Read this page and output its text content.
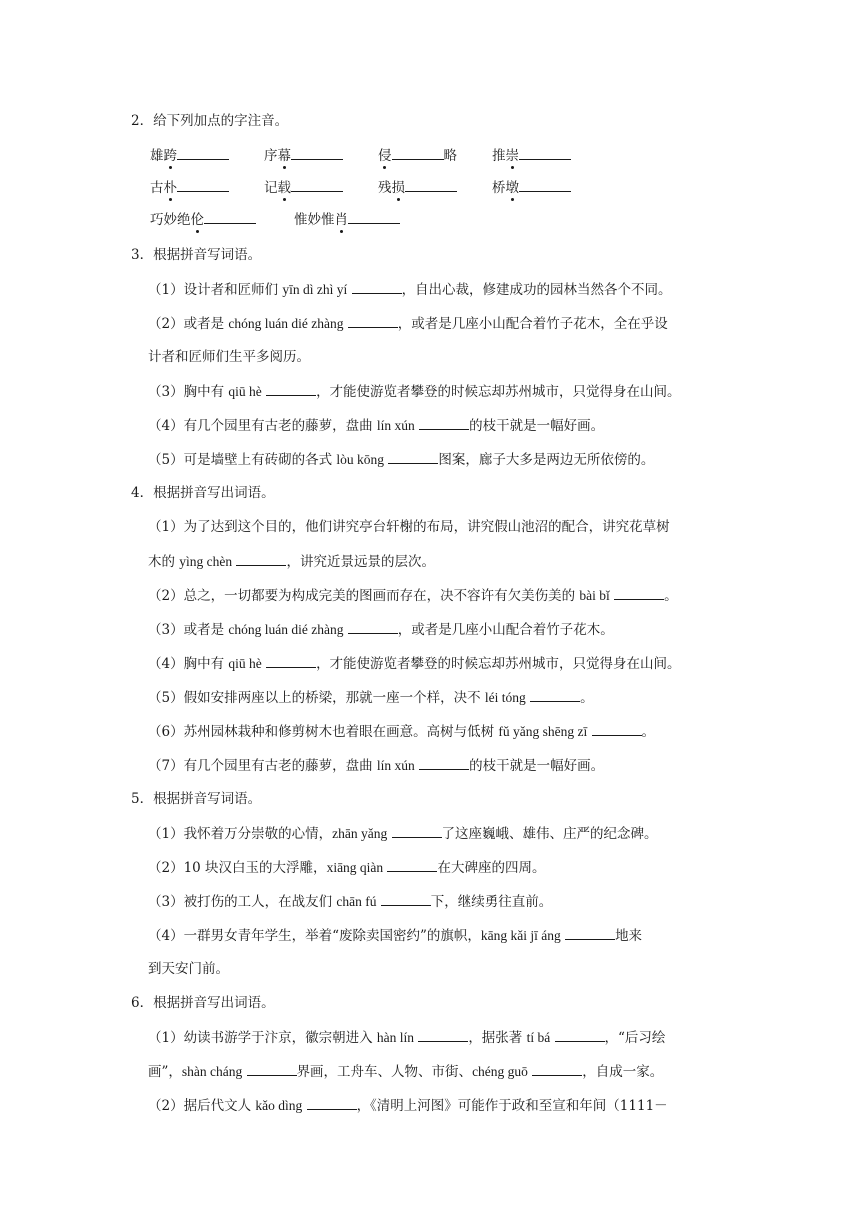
2．给下列加点的字注音。
雄跨	序幕	侵	略	推崇
古朴	记载	残损	桥墩
巧妙绝伦	惟妙惟肖
3．根据拼音写词语。
（1）设计者和匠师们 yīn dì zhì yí	，自出心裁，修建成功的园林当然各个不同。
（2）或者是 chóng luán dié zhàng	，或者是几座小山配合着竹子花木，全在乎设
计者和匠师们生平多阅历。
（3）胸中有 qiū hè	，才能使游览者攀登的时候忘却苏州城市，只觉得身在山间。
（4）有几个园里有古老的藤萝，盘曲 lín xún	的枝干就是一幅好画。
（5）可是墙壁上有砖砌的各式 lòu kōng	图案，廊子大多是两边无所依傍的。
4．根据拼音写出词语。
（1）为了达到这个目的，他们讲究亭台轩榭的布局，讲究假山池沼的配合，讲究花草树
木的 yìng chèn	，讲究近景远景的层次。
（2）总之，一切都要为构成完美的图画而存在，决不容许有欠美伤美的 bài bǐ	。
（3）或者是 chóng luán dié zhàng	，或者是几座小山配合着竹子花木。
（4）胸中有 qiū hè	，才能使游览者攀登的时候忘却苏州城市，只觉得身在山间。
（5）假如安排两座以上的桥梁，那就一座一个样，决不 léi tóng	。
（6）苏州园林栽种和修剪树木也着眼在画意。高树与低树 fǔ yǎng shēng zī	。
（7）有几个园里有古老的藤萝，盘曲 lín xún	的枝干就是一幅好画。
5．根据拼音写词语。
（1）我怀着万分崇敬的心情，zhān yǎng	了这座巍峨、雄伟、庄严的纪念碑。
（2）10 块汉白玉的大浮雕，xiāng qiàn	在大碑座的四周。
（3）被打伤的工人，在战友们 chān fú	下，继续勇往直前。
（4）一群男女青年学生，举着“废除卖国密约”的旗帜，kāng kǎi jī áng	地来
到天安门前。
6．根据拼音写出词语。
（1）幼读书游学于汴京，徽宗朝进入 hàn lín	，据张著 tí bá	，“后习绘
画”，shàn cháng	界画，工舟车、人物、市街、chéng guō	，自成一家。
（2）据后代文人 kǎo dìng	，《清明上河图》可能作于政和至宣和年间（1111－
